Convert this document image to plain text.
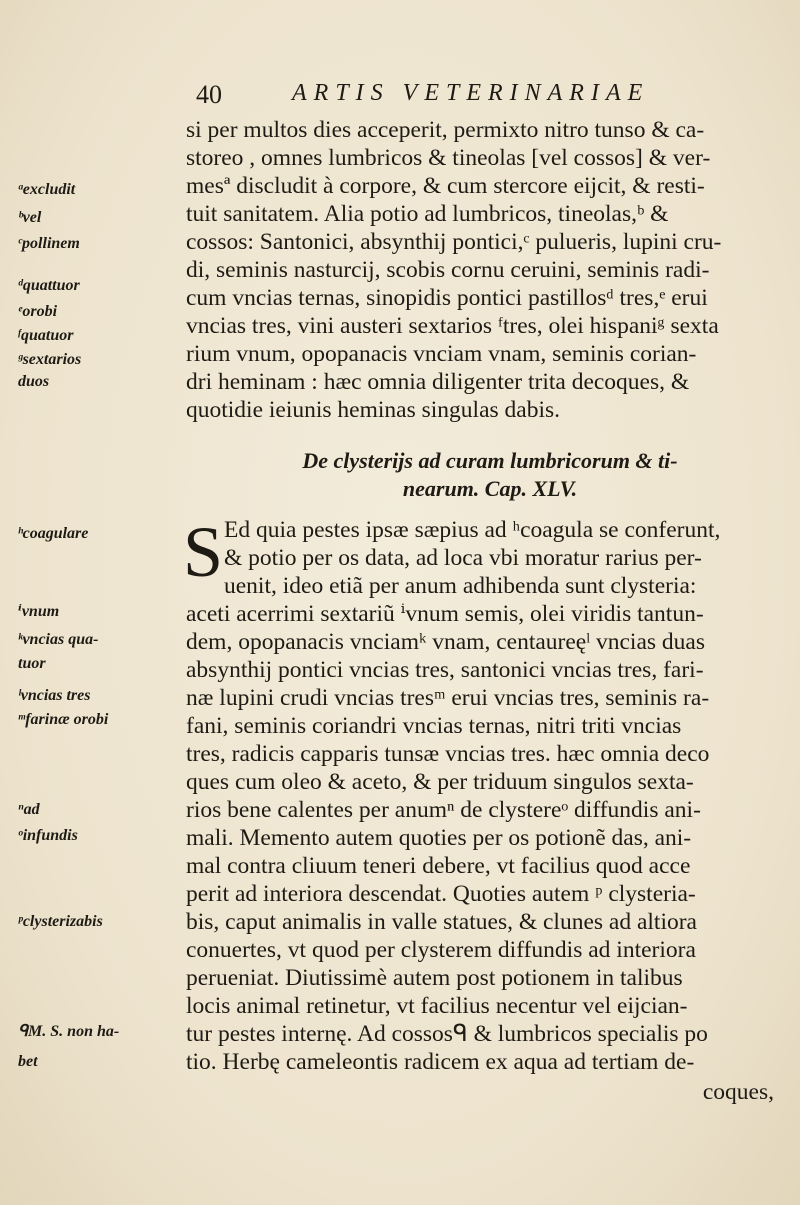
40	ARTIS VETERINARIAE
si per multos dies acceperit, permixto nitro tunso & ca-
storeo , omnes lumbricos & tineolas [vel cossos] & ver-
mesª discludit à corpore, & cum stercore eijcit, & resti-
tuit sanitatem. Alia potio ad lumbricos, tineolas,ᵇ &
cossos: Santonici, absynthij pontici,ᶜ pulueris, lupini cru-
di, seminis nasturcij, scobis cornu ceruini, seminis radi-
cum vncias ternas, sinopidis pontici pastillosᵈ tres,ᵉ erui
vncias tres, vini austeri sextarios ᶠtres, olei hispaniᵍ sexta
rium vnum, opopanacis vnciam vnam, seminis corian-
dri heminam : hæc omnia diligenter trita decoques, &
quotidie ieiunis heminas singulas dabis.
De clysterijs ad curam lumbricorum & ti-
nearum. Cap. XLV.
S Ed quia pestes ipsæ sæpius ad ʰcoagula se conferunt,
& potio per os data, ad loca vbi moratur rarius per-
uenit, ideo etiã per anum adhibenda sunt clysteria:
aceti acerrimi sextariũ ⁱvnum semis, olei viridis tantun-
dem, opopanacis vnciamᵏ vnam, centaureęˡ vncias duas
absynthij pontici vncias tres, santonici vncias tres, fari-
næ lupini crudi vncias tresᵐ erui vncias tres, seminis ra-
fani, seminis coriandri vncias ternas, nitri triti vncias
tres, radicis capparis tunsæ vncias tres. hæc omnia deco
ques cum oleo & aceto, & per triduum singulos sexta-
rios bene calentes per anumⁿ de clystereᵒ diffundis ani-
mali. Memento autem quoties per os potionẽ das, ani-
mal contra cliuum teneri debere, vt facilius quod acce
perit ad interiora descendat. Quoties autem ᵖ clysteria-
bis, caput animalis in valle statues, & clunes ad altiora
conuertes, vt quod per clysterem diffundis ad interiora
perueniat. Diutissimè autem post potionem in talibus
locis animal retinetur, vt facilius necentur vel eijcian-
tur pestes internę. Ad cossosᑫ & lumbricos specialis po
tio. Herbę cameleontis radicem ex aqua ad tertiam de-
coques,
ᵃexcludit
ᵇvel
ᶜpollinem
ᵈquattuor
ᵉorobi
ᶠquatuor
ᵍsextarios
duos
ʰcoagulare
ⁱvnum
ᵏvncias qua-
tuor
ˡvncias tres
ᵐfarinæ orobi
ⁿad
ᵒinfundis
ᵖclysterizabis
ᑫM. S. non ha-
bet
